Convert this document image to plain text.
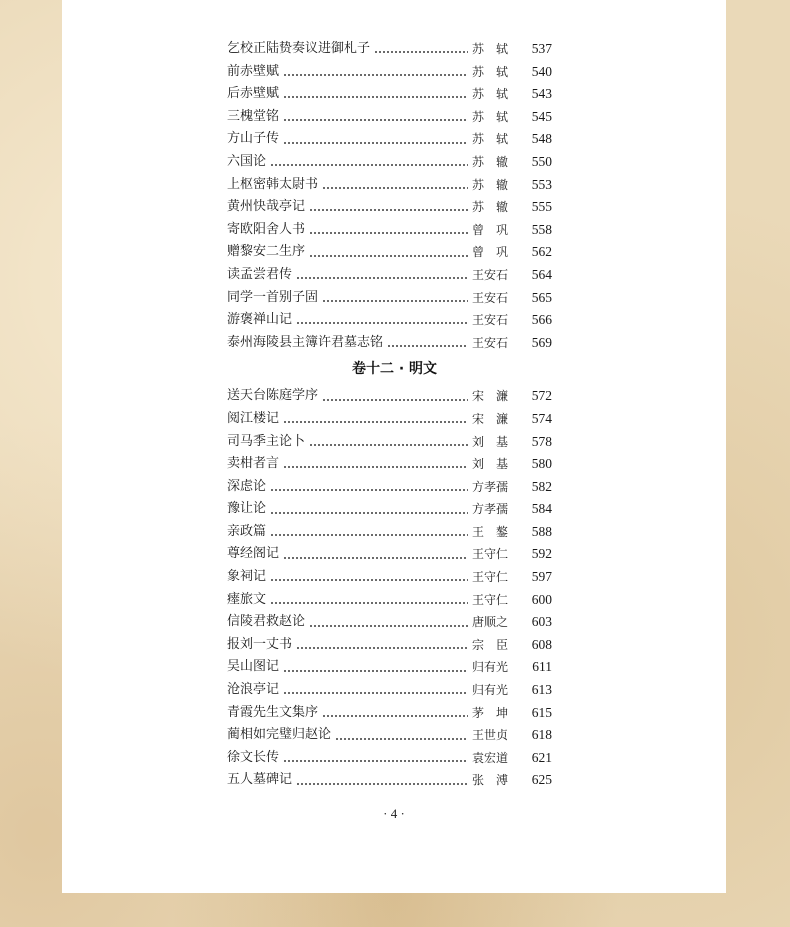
乞校正陆贽奏议进御札子	苏　轼	537
前赤壁赋	苏　轼	540
后赤壁赋	苏　轼	543
三槐堂铭	苏　轼	545
方山子传	苏　轼	548
六国论	苏　辙	550
上枢密韩太尉书	苏　辙	553
黄州快哉亭记	苏　辙	555
寄欧阳舍人书	曾　巩	558
赠黎安二生序	曾　巩	562
读孟尝君传	王安石	564
同学一首别子固	王安石	565
游褒禅山记	王安石	566
泰州海陵县主簿许君墓志铭	王安石	569
卷十二 · 明文
送天台陈庭学序	宋　濂	572
阅江楼记	宋　濂	574
司马季主论卜	刘　基	578
卖柑者言	刘　基	580
深虑论	方孝孺	582
豫让论	方孝孺	584
亲政篇	王　鏊	588
尊经阁记	王守仁	592
象祠记	王守仁	597
瘗旅文	王守仁	600
信陵君救赵论	唐顺之	603
报刘一丈书	宗　臣	608
吴山图记	归有光	611
沧浪亭记	归有光	613
青霞先生文集序	茅　坤	615
蔺相如完璧归赵论	王世贞	618
徐文长传	袁宏道	621
五人墓碑记	张　溥	625
· 4 ·
